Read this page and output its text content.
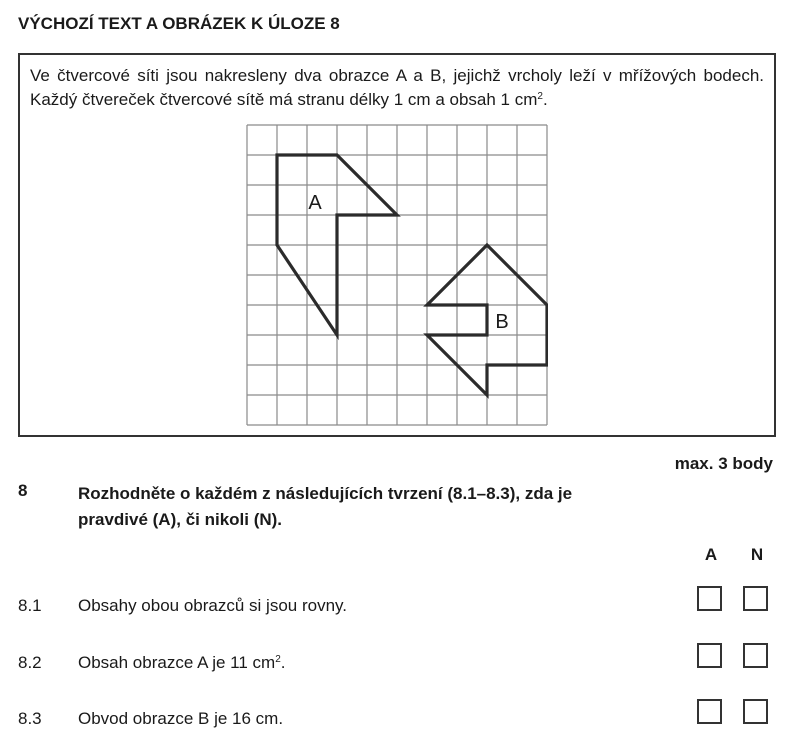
VÝCHOZÍ TEXT A OBRÁZEK K ÚLOZE 8
Ve čtvercové síti jsou nakresleny dva obrazce A a B, jejichž vrcholy leží v mřížových bodech. Každý čtvereček čtvercové sítě má stranu délky 1 cm a obsah 1 $cm^2$.
A
B
max. 3 body
8	Rozhodněte o každém z následujících tvrzení (8.1–8.3), zda je pravdivé (A), či nikoli (N).
A	N
8.1 Obsahy obou obrazců si jsou rovny.
8.2 Obsah obrazce A je 11 $cm^2$.
8.3 Obvod obrazce B je 16 cm.
